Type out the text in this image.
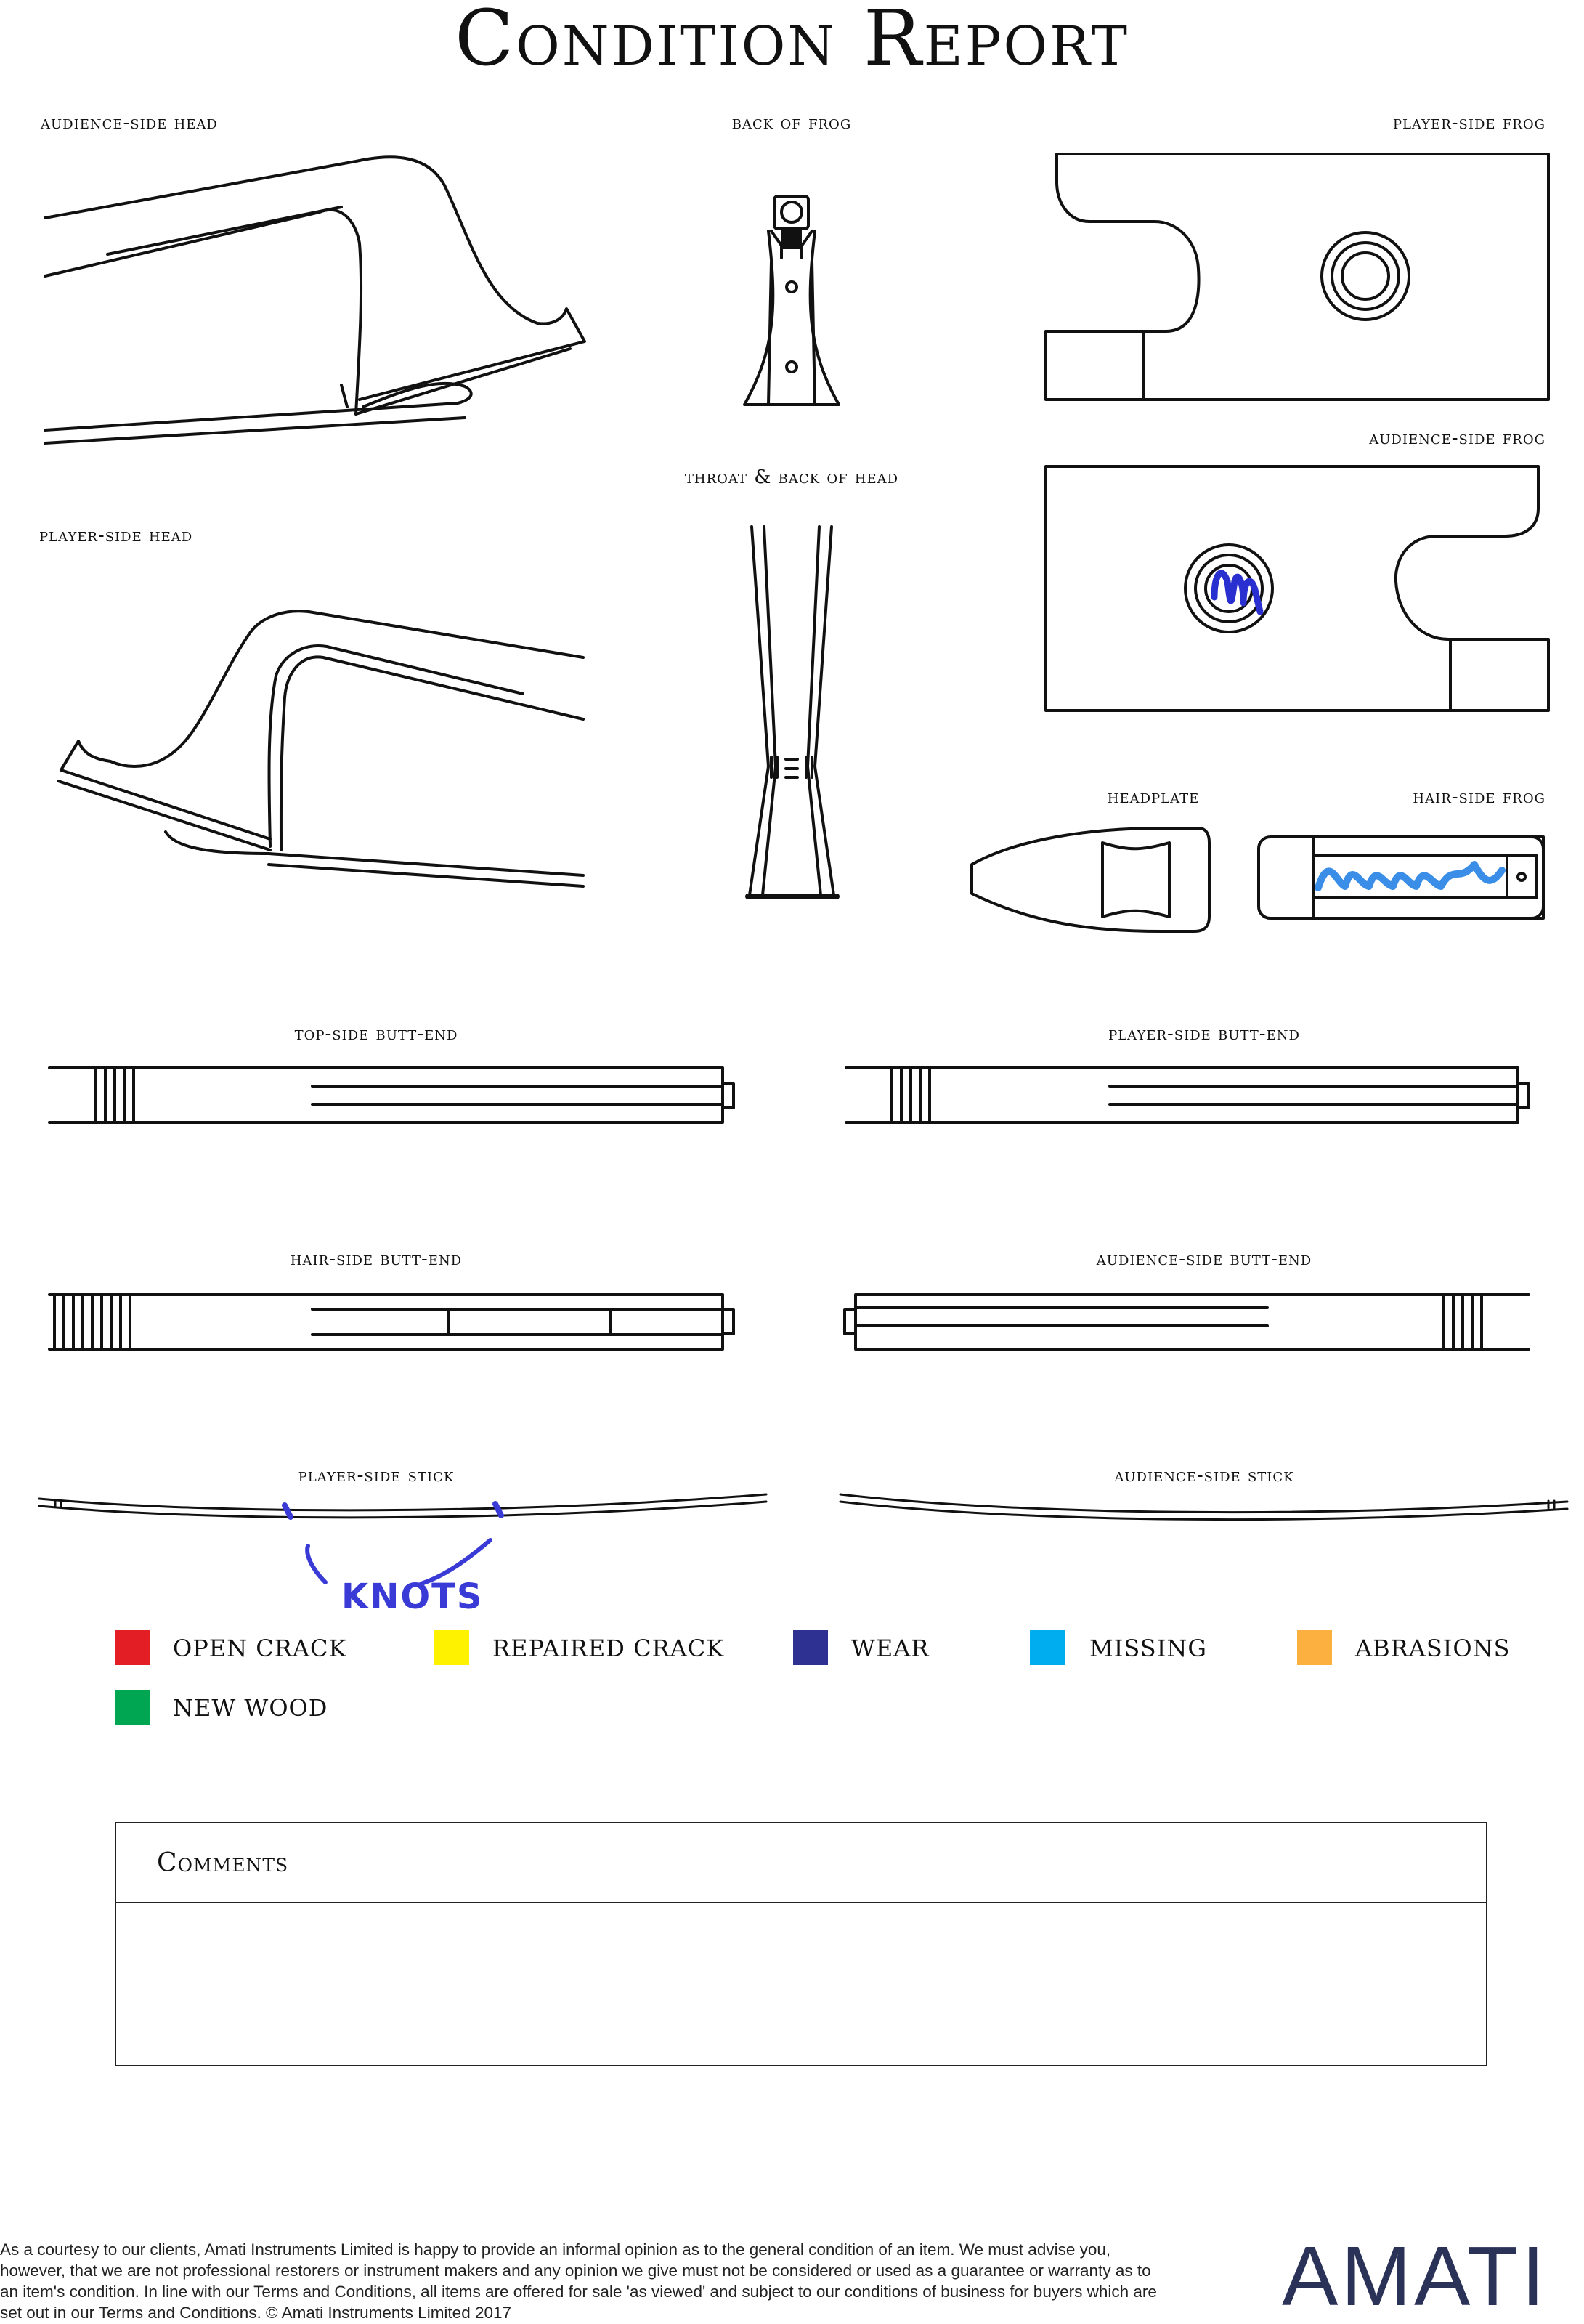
Condition Report
audience-side head	back of frog	player-side frog
audience-side frog
throat & back of head
player-side head
headplate	hair-side frog
top-side butt-end	player-side butt-end
hair-side butt-end	audience-side butt-end
player-side stick	audience-side stick
KNOTS
OPEN CRACK	REPAIRED CRACK	WEAR	MISSING	ABRASIONS
NEW WOOD
Comments
As a courtesy to our clients, Amati Instruments Limited is happy to provide an informal opinion as to the general condition of an item. We must advise you, however, that we are not professional restorers or instrument makers and any opinion we give must not be considered or used as a guarantee or warranty as to an item's condition. In line with our Terms and Conditions, all items are offered for sale 'as viewed' and subject to our conditions of business for buyers which are set out in our Terms and Conditions. © Amati Instruments Limited 2017	AMATI
